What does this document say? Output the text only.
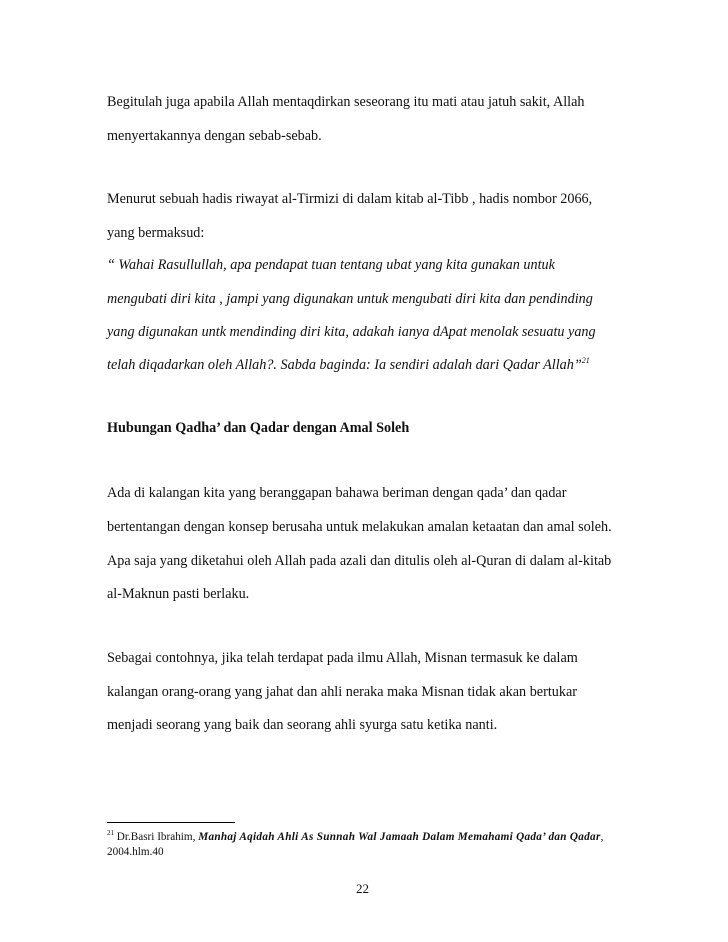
Begitulah juga apabila Allah mentaqdirkan seseorang itu mati atau jatuh sakit, Allah
menyertakannya dengan sebab-sebab.
Menurut sebuah hadis riwayat al-Tirmizi di dalam kitab al-Tibb , hadis nombor 2066,
yang bermaksud:
“ Wahai Rasullullah, apa pendapat tuan tentang ubat yang kita gunakan untuk
mengubati diri kita , jampi yang digunakan untuk mengubati diri kita dan pendinding
yang digunakan untk mendinding diri kita, adakah ianya dApat menolak sesuatu yang
telah diqadarkan oleh Allah?. Sabda baginda: Ia sendiri adalah dari Qadar Allah”$^{21}$
Hubungan Qadha’ dan Qadar dengan Amal Soleh
Ada di kalangan kita yang beranggapan bahawa beriman dengan qada’ dan qadar
bertentangan dengan konsep berusaha untuk melakukan amalan ketaatan dan amal soleh.
Apa saja yang diketahui oleh Allah pada azali dan ditulis oleh al-Quran di dalam al-kitab
al-Maknun pasti berlaku.
Sebagai contohnya, jika telah terdapat pada ilmu Allah, Misnan termasuk ke dalam
kalangan orang-orang yang jahat dan ahli neraka maka Misnan tidak akan bertukar
menjadi seorang yang baik dan seorang ahli syurga satu ketika nanti.
$^{21}$ Dr.Basri Ibrahim, Manhaj Aqidah Ahli As Sunnah Wal Jamaah Dalam Memahami Qada’ dan Qadar,
2004.hlm.40
22
